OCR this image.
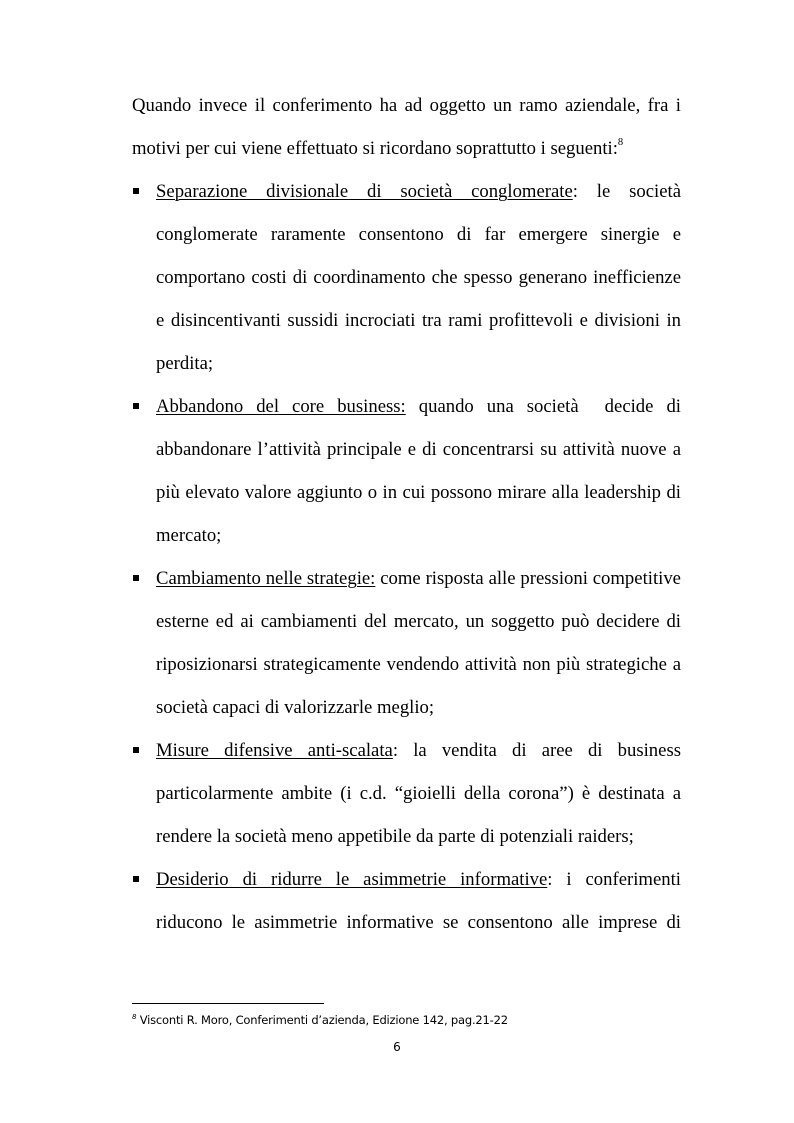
Quando invece il conferimento ha ad oggetto un ramo aziendale, fra i
motivi per cui viene effettuato si ricordano soprattutto i seguenti:$^8$
Separazione divisionale di società conglomerate: le società
conglomerate raramente consentono di far emergere sinergie e
comportano costi di coordinamento che spesso generano inefficienze
e disincentivanti sussidi incrociati tra rami profittevoli e divisioni in
perdita;
Abbandono del core business: quando una società  decide di
abbandonare l’attività principale e di concentrarsi su attività nuove a
più elevato valore aggiunto o in cui possono mirare alla leadership di
mercato;
Cambiamento nelle strategie: come risposta alle pressioni competitive
esterne ed ai cambiamenti del mercato, un soggetto può decidere di
riposizionarsi strategicamente vendendo attività non più strategiche a
società capaci di valorizzarle meglio;
Misure difensive anti-scalata: la vendita di aree di business
particolarmente ambite (i c.d. “gioielli della corona”) è destinata a
rendere la società meno appetibile da parte di potenziali raiders;
Desiderio di ridurre le asimmetrie informative: i conferimenti
riducono le asimmetrie informative se consentono alle imprese di
$^8$ Visconti R. Moro, Conferimenti d’azienda, Edizione 142, pag.21-22
6
